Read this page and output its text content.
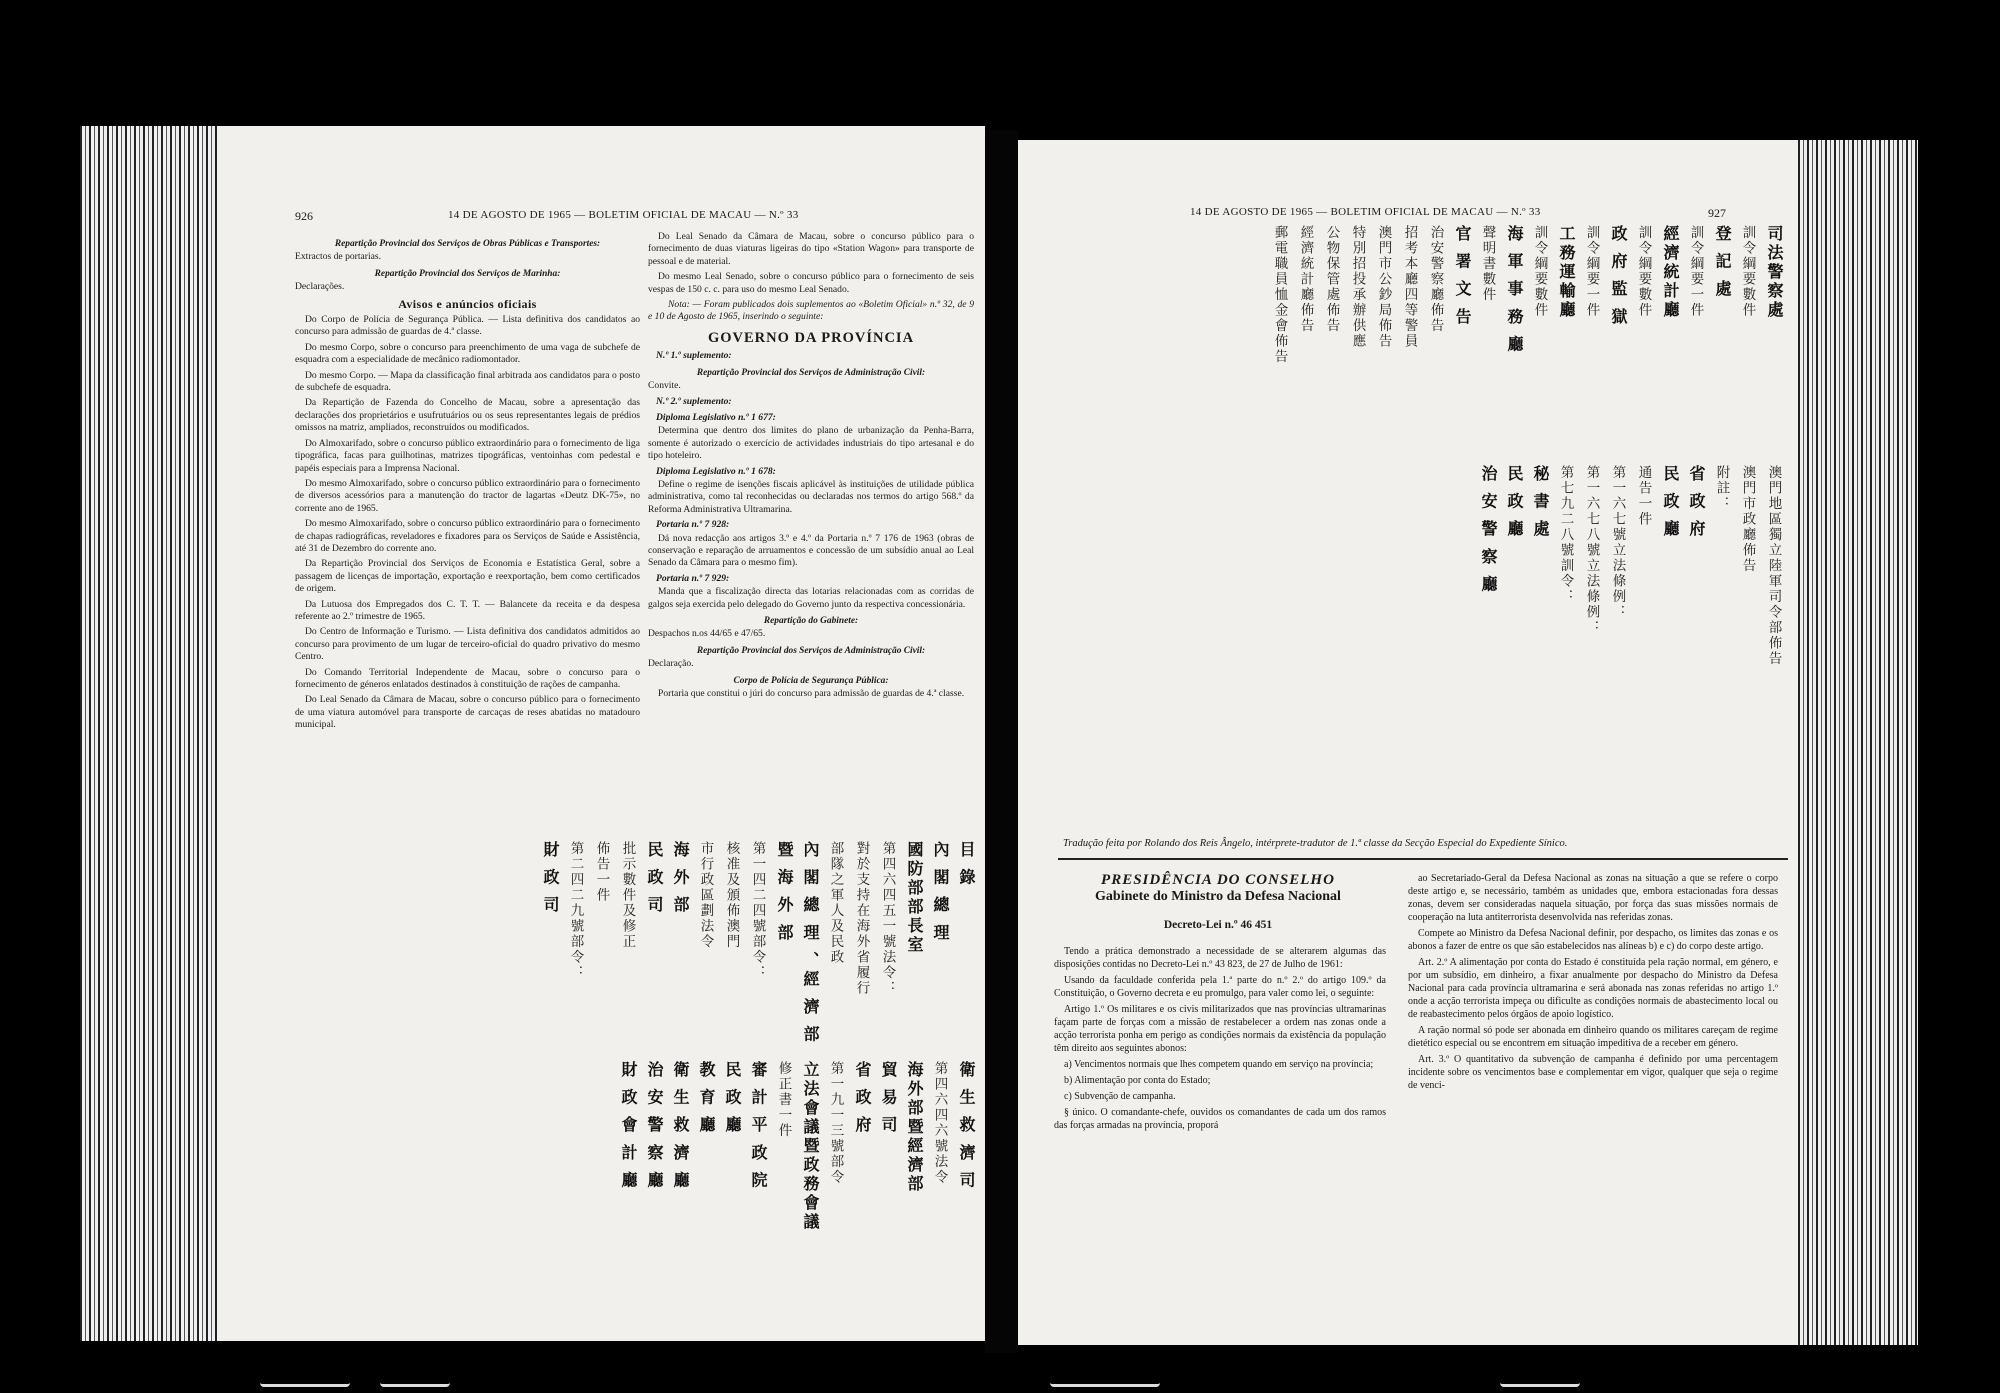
926	14 DE AGOSTO DE 1965 — BOLETIM OFICIAL DE MACAU — N.º 33

Repartição Provincial dos Serviços de Obras Públicas e Transportes:

Extractos de portarias.

Repartição Provincial dos Serviços de Marinha:

Declarações.

Avisos e anúncios oficiais

Do Corpo de Polícia de Segurança Pública. — Lista definitiva dos candidatos ao concurso para admissão de guardas de 4.ª classe.

Do mesmo Corpo, sobre o concurso para preenchimento de uma vaga de subchefe de esquadra com a especialidade de mecânico radiomontador.

Do mesmo Corpo. — Mapa da classificação final arbitrada aos candidatos para o posto de subchefe de esquadra.

Da Repartição de Fazenda do Concelho de Macau, sobre a apresentação das declarações dos proprietários e usufrutuários ou os seus representantes legais de prédios omissos na matriz, ampliados, reconstruídos ou modificados.

Do Almoxarifado, sobre o concurso público extraordinário para o fornecimento de liga tipográfica, facas para guilhotinas, matrizes tipográficas, ventoinhas com pedestal e papéis especiais para a Imprensa Nacional.

Do mesmo Almoxarifado, sobre o concurso público extraordinário para o fornecimento de diversos acessórios para a manutenção do tractor de lagartas «Deutz DK-75», no corrente ano de 1965.

Do mesmo Almoxarifado, sobre o concurso público extraordinário para o fornecimento de chapas radiográficas, reveladores e fixadores para os Serviços de Saúde e Assistência, até 31 de Dezembro do corrente ano.

Da Repartição Provincial dos Serviços de Economia e Estatística Geral, sobre a passagem de licenças de importação, exportação e reexportação, bem como certificados de origem.

Da Lutuosa dos Empregados dos C. T. T. — Balancete da receita e da despesa referente ao 2.º trimestre de 1965.

Do Centro de Informação e Turismo. — Lista definitiva dos candidatos admitidos ao concurso para provimento de um lugar de terceiro-oficial do quadro privativo do mesmo Centro.

Do Comando Territorial Independente de Macau, sobre o concurso para o fornecimento de géneros enlatados destinados à constituição de rações de campanha.

Do Leal Senado da Câmara de Macau, sobre o concurso público para o fornecimento de uma viatura automóvel para transporte de carcaças de reses abatidas no matadouro municipal.

Do Leal Senado da Câmara de Macau, sobre o concurso público para o fornecimento de duas viaturas ligeiras do tipo «Station Wagon» para transporte de pessoal e de material.

Do mesmo Leal Senado, sobre o concurso público para o fornecimento de seis vespas de 150 c. c. para uso do mesmo Leal Senado.

Nota: — Foram publicados dois suplementos ao «Boletim Oficial» n.º 32, de 9 e 10 de Agosto de 1965, inserindo o seguinte:

GOVERNO DA PROVÍNCIA

N.º 1.º suplemento:

Repartição Provincial dos Serviços de Administração Civil:

Convite.

N.º 2.º suplemento:

Diploma Legislativo n.º 1 677:

Determina que dentro dos limites do plano de urbanização da Penha-Barra, somente é autorizado o exercício de actividades industriais do tipo artesanal e do tipo hoteleiro.

Diploma Legislativo n.º 1 678:

Define o regime de isenções fiscais aplicável às instituições de utilidade pública administrativa, como tal reconhecidas ou declaradas nos termos do artigo 568.º da Reforma Administrativa Ultramarina.

Portaria n.º 7 928:

Dá nova redacção aos artigos 3.º e 4.º da Portaria n.º 7 176 de 1963 (obras de conservação e reparação de arruamentos e concessão de um subsídio anual ao Leal Senado da Câmara para o mesmo fim).

Portaria n.º 7 929:

Manda que a fiscalização directa das lotarias relacionadas com as corridas de galgos seja exercida pelo delegado do Governo junto da respectiva concessionária.

Repartição do Gabinete:

Despachos n.os 44/65 e 47/65.

Repartição Provincial dos Serviços de Administração Civil:

Declaração.

Corpo de Polícia de Segurança Pública:

Portaria que constitui o júri do concurso para admissão de guardas de 4.ª classe.

目 錄
內 閣 總 理
國防部部長室
第四六四五一號法令：
對於支持在海外省履行
部隊之軍人及民政
內 閣 總 理 、經 濟 部
暨 海 外 部
第一四二四號部令：
核准及頒佈澳門
市行政區劃法令
海 外 部
民 政 司
批示數件及修正
佈告一件
第二四二九號部令：
財 政 司
衛 生 救 濟 司
第四六四六號法令
海外部暨經濟部
貿 易 司
省 政 府
第一九一三號部令
立法會議暨政務會議
修正書一件
審 計 平 政 院
民 政 廳
教 育 廳
衛 生 救 濟 廳
治 安 警 察 廳
財 政 會 計 廳
14 DE AGOSTO DE 1965 — BOLETIM OFICIAL DE MACAU — N.º 33	927
司法警察處
訓令綱要數件
登 記 處
訓令綱要一件
經濟統計廳
訓令綱要數件
政 府 監 獄
訓令綱要一件
工務運輸廳
訓令綱要數件
海 軍 事 務 廳
聲明書數件
官 署 文 告
治安警察廳佈告
招考本廳四等警員
澳門市公鈔局佈告
特別招投承辦供應
公物保管處佈告
經濟統計廳佈告
郵電職員恤金會佈告
澳門地區獨立陸軍司令部佈告
澳門市政廳佈告
附註：
省 政 府
民 政 廳
通告一件
第一六七號立法條例：
第一六七八號立法條例：
第七九二八號訓令：
秘 書 處
民 政 廳
治 安 警 察 廳
Tradução feita por Rolando dos Reis Ângelo, intérprete-tradutor de 1.ª classe da Secção Especial do Expediente Sínico.
PRESIDÊNCIA DO CONSELHO
Gabinete do Ministro da Defesa Nacional
Decreto-Lei n.º 46 451

Tendo a prática demonstrado a necessidade de se alterarem algumas das disposições contidas no Decreto-Lei n.º 43 823, de 27 de Julho de 1961:

Usando da faculdade conferida pela 1.ª parte do n.º 2.º do artigo 109.º da Constituição, o Governo decreta e eu promulgo, para valer como lei, o seguinte:

Artigo 1.º Os militares e os civis militarizados que nas províncias ultramarinas façam parte de forças com a missão de restabelecer a ordem nas zonas onde a acção terrorista ponha em perigo as condições normais da existência da população têm direito aos seguintes abonos:

a) Vencimentos normais que lhes competem quando em serviço na província;

b) Alimentação por conta do Estado;

c) Subvenção de campanha.

§ único. O comandante-chefe, ouvidos os comandantes de cada um dos ramos das forças armadas na província, proporá

ao Secretariado-Geral da Defesa Nacional as zonas na situação a que se refere o corpo deste artigo e, se necessário, também as unidades que, embora estacionadas fora dessas zonas, devem ser consideradas naquela situação, por força das suas missões normais de cooperação na luta antiterrorista desenvolvida nas referidas zonas.

Compete ao Ministro da Defesa Nacional definir, por despacho, os limites das zonas e os abonos a fazer de entre os que são estabelecidos nas alíneas b) e c) do corpo deste artigo.

Art. 2.º A alimentação por conta do Estado é constituída pela ração normal, em género, e por um subsídio, em dinheiro, a fixar anualmente por despacho do Ministro da Defesa Nacional para cada província ultramarina e será abonada nas zonas referidas no artigo 1.º onde a acção terrorista impeça ou dificulte as condições normais de abastecimento local ou de reabastecimento pelos órgãos de apoio logístico.

A ração normal só pode ser abonada em dinheiro quando os militares careçam de regime dietético especial ou se encontrem em situação impeditiva de a receber em género.

Art. 3.º O quantitativo da subvenção de campanha é definido por uma percentagem incidente sobre os vencimentos base e complementar em vigor, qualquer que seja o regime de venci-
